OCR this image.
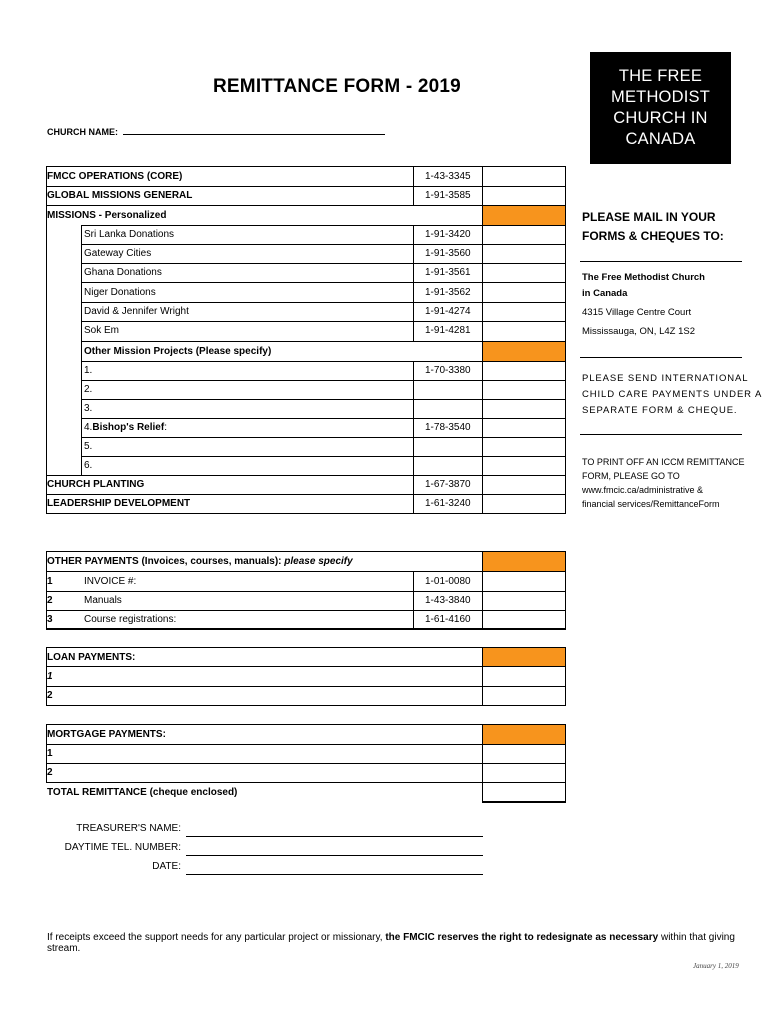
REMITTANCE FORM - 2019
CHURCH NAME:
THE FREE
METHODIST
CHURCH IN
CANADA
FMCC OPERATIONS (CORE)	1-43-3345
GLOBAL MISSIONS GENERAL	1-91-3585
MISSIONS - Personalized
Sri Lanka Donations	1-91-3420
Gateway Cities	1-91-3560
Ghana Donations	1-91-3561
Niger Donations	1-91-3562
David & Jennifer Wright	1-91-4274
Sok Em	1-91-4281
Other Mission Projects (Please specify)
1.	1-70-3380
2.
3.
4.Bishop's Relief:	1-78-3540
5.
6.
CHURCH PLANTING	1-67-3870
LEADERSHIP DEVELOPMENT	1-61-3240
OTHER PAYMENTS (Invoices, courses, manuals): please specify
1	INVOICE #:	1-01-0080
2	Manuals	1-43-3840
3	Course registrations:	1-61-4160
LOAN PAYMENTS:
1
2
MORTGAGE PAYMENTS:
1
2
TOTAL REMITTANCE (cheque enclosed)
PLEASE MAIL IN YOUR
FORMS & CHEQUES TO:
The Free Methodist Church
in Canada
4315 Village Centre Court
Mississauga, ON, L4Z 1S2
PLEASE SEND INTERNATIONAL
CHILD CARE PAYMENTS UNDER A
SEPARATE FORM & CHEQUE.
TO PRINT OFF AN ICCM REMITTANCE
FORM, PLEASE GO TO
www.fmcic.ca/administrative &
financial services/RemittanceForm
TREASURER'S NAME:
DAYTIME TEL. NUMBER:
DATE:
If receipts exceed the support needs for any particular project or missionary, the FMCIC reserves the right to redesignate as necessary within that giving stream.
January 1, 2019
